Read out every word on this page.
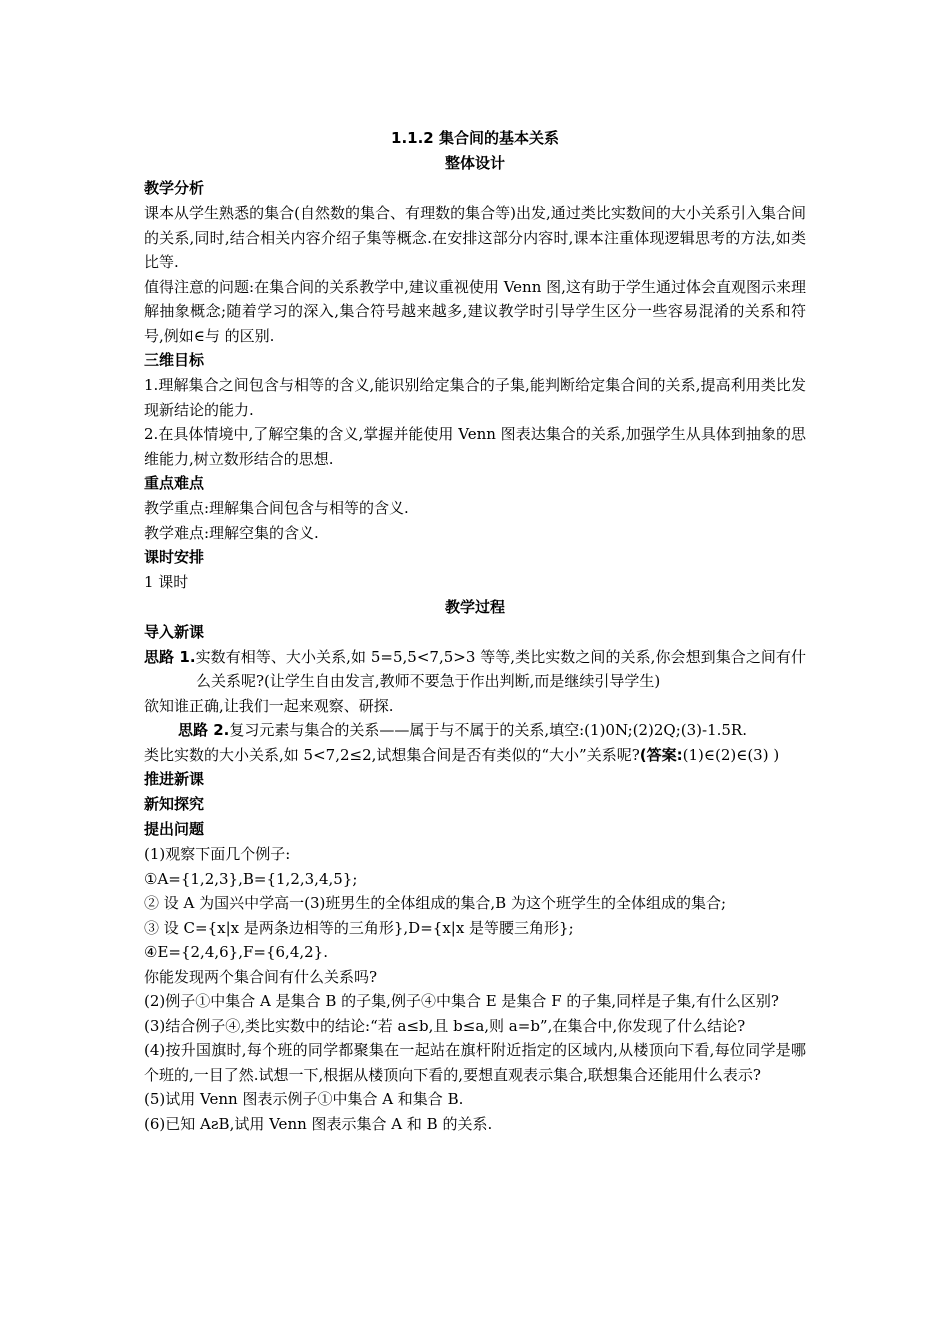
1.1.2 集合间的基本关系
整体设计
教学分析
课本从学生熟悉的集合(自然数的集合、有理数的集合等)出发,通过类比实数间的大小关系引入集合间的关系,同时,结合相关内容介绍子集等概念.在安排这部分内容时,课本注重体现逻辑思考的方法,如类比等.
值得注意的问题:在集合间的关系教学中,建议重视使用 Venn 图,这有助于学生通过体会直观图示来理解抽象概念;随着学习的深入,集合符号越来越多,建议教学时引导学生区分一些容易混淆的关系和符号,例如∈与 的区别.
三维目标
1.理解集合之间包含与相等的含义,能识别给定集合的子集,能判断给定集合间的关系,提高利用类比发现新结论的能力.
2.在具体情境中,了解空集的含义,掌握并能使用 Venn 图表达集合的关系,加强学生从具体到抽象的思维能力,树立数形结合的思想.
重点难点
教学重点:理解集合间包含与相等的含义.
教学难点:理解空集的含义.
课时安排
1 课时
教学过程
导入新课
思路 1.实数有相等、大小关系,如 5=5,5<7,5>3 等等,类比实数之间的关系,你会想到集合之间有什么关系呢?(让学生自由发言,教师不要急于作出判断,而是继续引导学生)
欲知谁正确,让我们一起来观察、研探.
思路 2.复习元素与集合的关系——属于与不属于的关系,填空:(1)0N;(2)2Q;(3)-1.5R.
类比实数的大小关系,如 5<7,2≤2,试想集合间是否有类似的“大小”关系呢?(答案:(1)∈(2)∈(3) )
推进新课
新知探究
提出问题
(1)观察下面几个例子:
①A={1,2,3},B={1,2,3,4,5};
② 设 A 为国兴中学高一(3)班男生的全体组成的集合,B 为这个班学生的全体组成的集合;
③ 设 C={x|x 是两条边相等的三角形},D={x|x 是等腰三角形};
④E={2,4,6},F={6,4,2}.
你能发现两个集合间有什么关系吗?
(2)例子①中集合 A 是集合 B 的子集,例子④中集合 E 是集合 F 的子集,同样是子集,有什么区别?
(3)结合例子④,类比实数中的结论:“若 a≤b,且 b≤a,则 a=b”,在集合中,你发现了什么结论?
(4)按升国旗时,每个班的同学都聚集在一起站在旗杆附近指定的区域内,从楼顶向下看,每位同学是哪个班的,一目了然.试想一下,根据从楼顶向下看的,要想直观表示集合,联想集合还能用什么表示?
(5)试用 Venn 图表示例子①中集合 A 和集合 B.
(6)已知 AƨB,试用 Venn 图表示集合 A 和 B 的关系.
